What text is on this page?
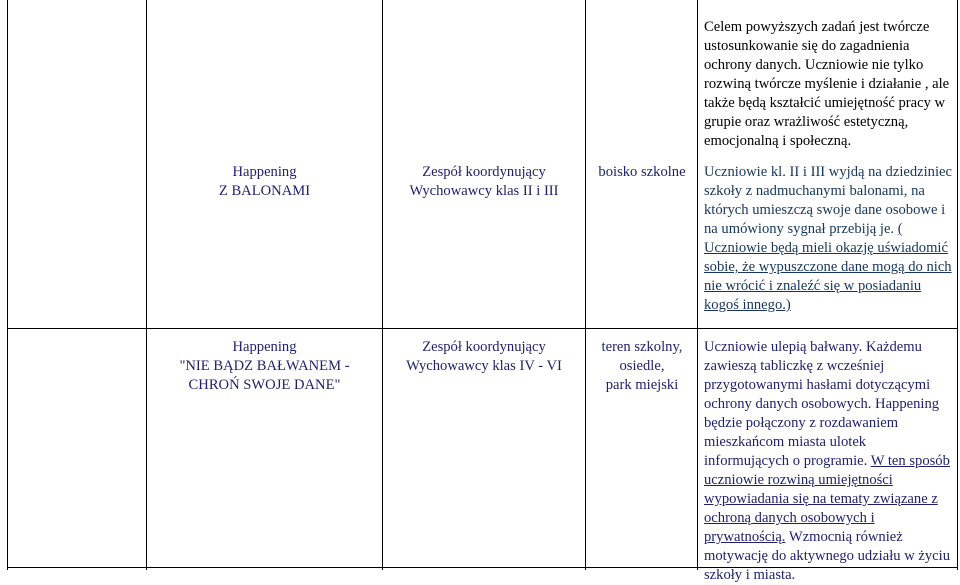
Celem powyższych zadań jest twórcze ustosunkowanie się do zagadnienia ochrony danych. Uczniowie nie tylko rozwiną twórcze myślenie i działanie , ale także będą kształcić umiejętność pracy w grupie oraz wrażliwość estetyczną, emocjonalną i społeczną.
Happening
Z BALONAMI
Zespół koordynujący
Wychowawcy klas II i III
boisko szkolne	Uczniowie kl. II i III wyjdą na dziedziniec szkoły z nadmuchanymi balonami, na których umieszczą swoje dane osobowe i na umówiony sygnał przebiją je. ( Uczniowie będą mieli okazję uświadomić sobie, że wypuszczone dane mogą do nich nie wrócić i znaleźć się w posiadaniu kogoś innego.)
Happening
"NIE BĄDZ BAŁWANEM -
CHROŃ SWOJE DANE"
Zespół koordynujący
Wychowawcy klas IV - VI
teren szkolny,
osiedle,
park miejski
Uczniowie ulepią bałwany. Każdemu zawieszą tabliczkę z wcześniej przygotowanymi hasłami dotyczącymi ochrony danych osobowych. Happening będzie połączony z rozdawaniem mieszkańcom miasta ulotek informujących o programie. W ten sposób uczniowie rozwiną umiejętności wypowiadania się na tematy związane z ochroną danych osobowych i prywatnością. Wzmocnią również motywację do aktywnego udziału w życiu szkoły i miasta.
